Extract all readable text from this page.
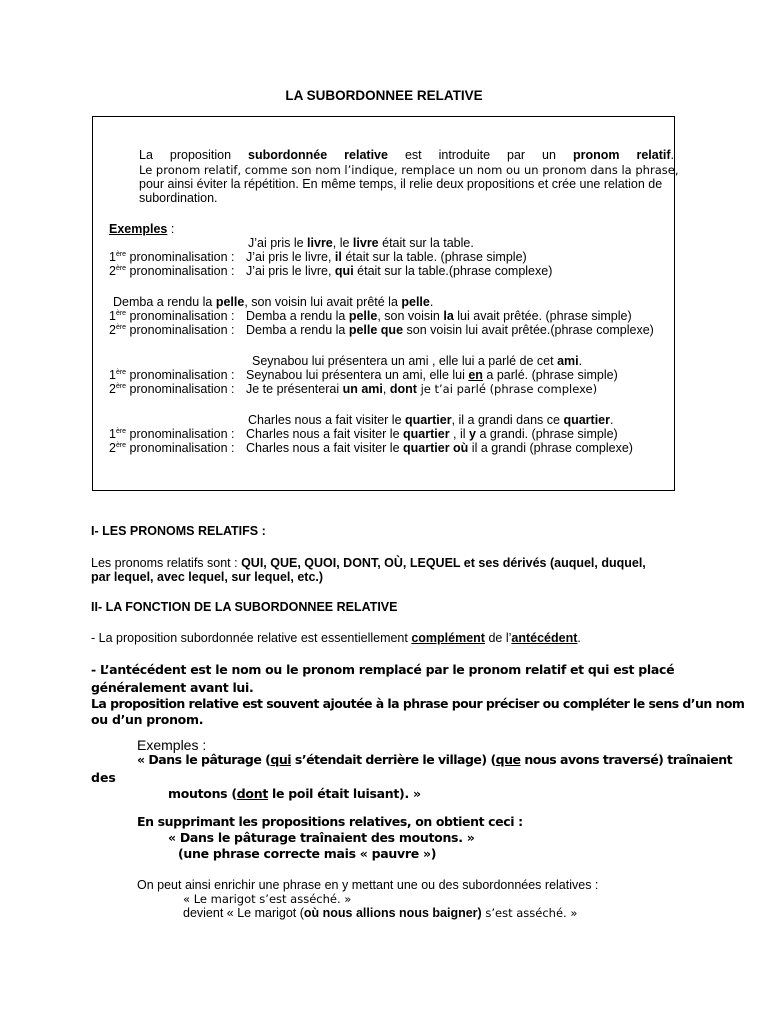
LA SUBORDONNEE RELATIVE
La proposition subordonnée relative est introduite par un pronom relatif.
Le pronom relatif, comme son nom l’indique, remplace un nom ou un pronom dans la phrase,
pour ainsi éviter la répétition. En même temps, il relie deux propositions et crée une relation de
subordination.
Exemples :
J’ai pris le livre, le livre était sur la table.
1ère pronominalisation : J’ai pris le livre, il était sur la table. (phrase simple)
2ère pronominalisation : J’ai pris le livre, qui était sur la table.(phrase complexe)
Demba a rendu la pelle, son voisin lui avait prêté la pelle.
1ère pronominalisation : Demba a rendu la pelle, son voisin la lui avait prêtée. (phrase simple)
2ère pronominalisation : Demba a rendu la pelle que son voisin lui avait prêtée.(phrase complexe)
Seynabou lui présentera un ami , elle lui a parlé de cet ami.
1ère pronominalisation : Seynabou lui présentera un ami, elle lui en a parlé. (phrase simple)
2ère pronominalisation : Je te présenterai un ami, dont je t’ai parlé (phrase complexe)
Charles nous a fait visiter le quartier, il a grandi dans ce quartier.
1ère pronominalisation : Charles nous a fait visiter le quartier , il y a grandi. (phrase simple)
2ère pronominalisation : Charles nous a fait visiter le quartier où il a grandi (phrase complexe)
I- LES PRONOMS RELATIFS :
Les pronoms relatifs sont : QUI, QUE, QUOI, DONT, OÙ, LEQUEL et ses dérivés (auquel, duquel,
par lequel, avec lequel, sur lequel, etc.)
II- LA FONCTION DE LA SUBORDONNEE RELATIVE
- La proposition subordonnée relative est essentiellement complément de l’antécédent.
- L’antécédent est le nom ou le pronom remplacé par le pronom relatif et qui est placé
généralement avant lui.
La proposition relative est souvent ajoutée à la phrase pour préciser ou compléter le sens d’un nom
ou d’un pronom.
Exemples :
« Dans le pâturage (qui s’étendait derrière le village) (que nous avons traversé) traînaient
des
moutons (dont le poil était luisant). »
En supprimant les propositions relatives, on obtient ceci :
« Dans le pâturage traînaient des moutons. »
(une phrase correcte mais « pauvre »)
On peut ainsi enrichir une phrase en y mettant une ou des subordonnées relatives :
« Le marigot s’est asséché. »
devient « Le marigot (où nous allions nous baigner) s’est asséché. »
